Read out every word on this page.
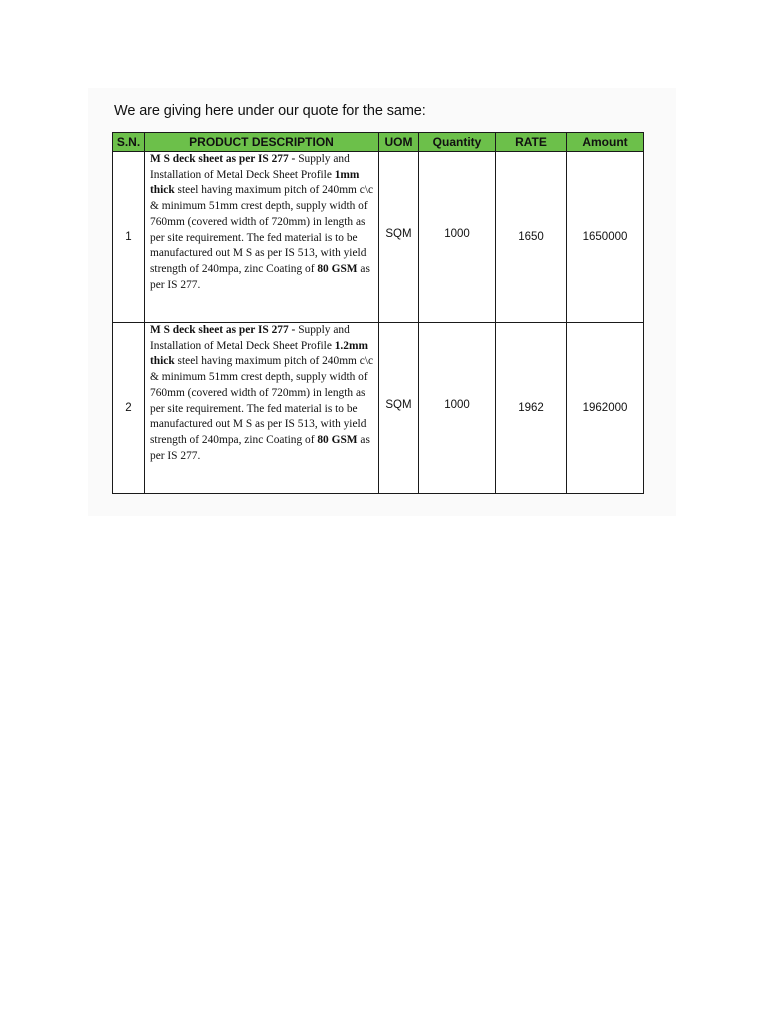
We are giving here under our quote for the same:
S.N.	PRODUCT DESCRIPTION	UOM	Quantity	RATE	Amount
1	M S deck sheet as per IS 277 - Supply and Installation of Metal Deck Sheet Profile 1mm thick steel having maximum pitch of 240mm c\c & minimum 51mm crest depth, supply width of 760mm (covered width of 720mm) in length as per site requirement. The fed material is to be manufactured out M S as per IS 513, with yield strength of 240mpa, zinc Coating of 80 GSM as per IS 277.	SQM	1000	1650	1650000
2	M S deck sheet as per IS 277 - Supply and Installation of Metal Deck Sheet Profile 1.2mm thick steel having maximum pitch of 240mm c\c & minimum 51mm crest depth, supply width of 760mm (covered width of 720mm) in length as per site requirement. The fed material is to be manufactured out M S as per IS 513, with yield strength of 240mpa, zinc Coating of 80 GSM as per IS 277.	SQM	1000	1962	1962000
